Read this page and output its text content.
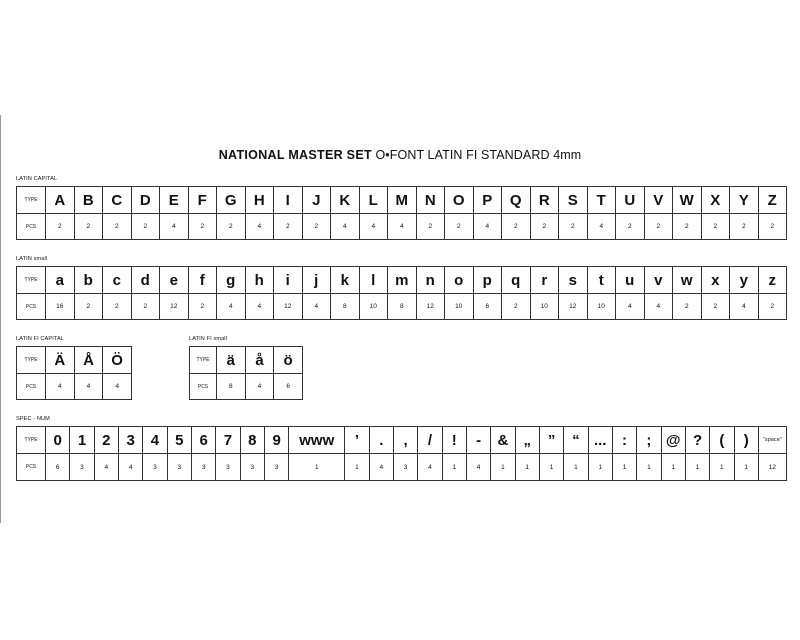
NATIONAL MASTER SET O•FONT LATIN FI STANDARD 4mm
LATIN CAPITAL
TYPE	A	B	C	D	E	F	G	H	I	J	K	L	M	N	O	P	Q	R	S	T	U	V	W	X	Y	Z
PCS	2	2	2	2	4	2	2	4	2	2	4	4	4	2	2	4	2	2	2	4	2	2	2	2	2	2
LATIN small
TYPE	a	b	c	d	e	f	g	h	i	j	k	l	m	n	o	p	q	r	s	t	u	v	w	x	y	z
PCS	16	2	2	2	12	2	4	4	12	4	8	10	8	12	10	6	2	10	12	10	4	4	2	2	4	2
LATIN FI CAPITAL
TYPE	Ä	Å	Ö
PCS	4	4	4
LATIN FI small
TYPE	ä	å	ö
PCS	8	4	6
SPEC - NUM
TYPE	0	1	2	3	4	5	6	7	8	9	www	’	.	,	/	!	-	&	„	”	“	...	:	;	@	?	(	)	“space”
PCS	6	3	4	4	3	3	3	3	3	3	1	1	4	3	4	1	4	1	1	1	1	1	1	1	1	1	1	1	12
